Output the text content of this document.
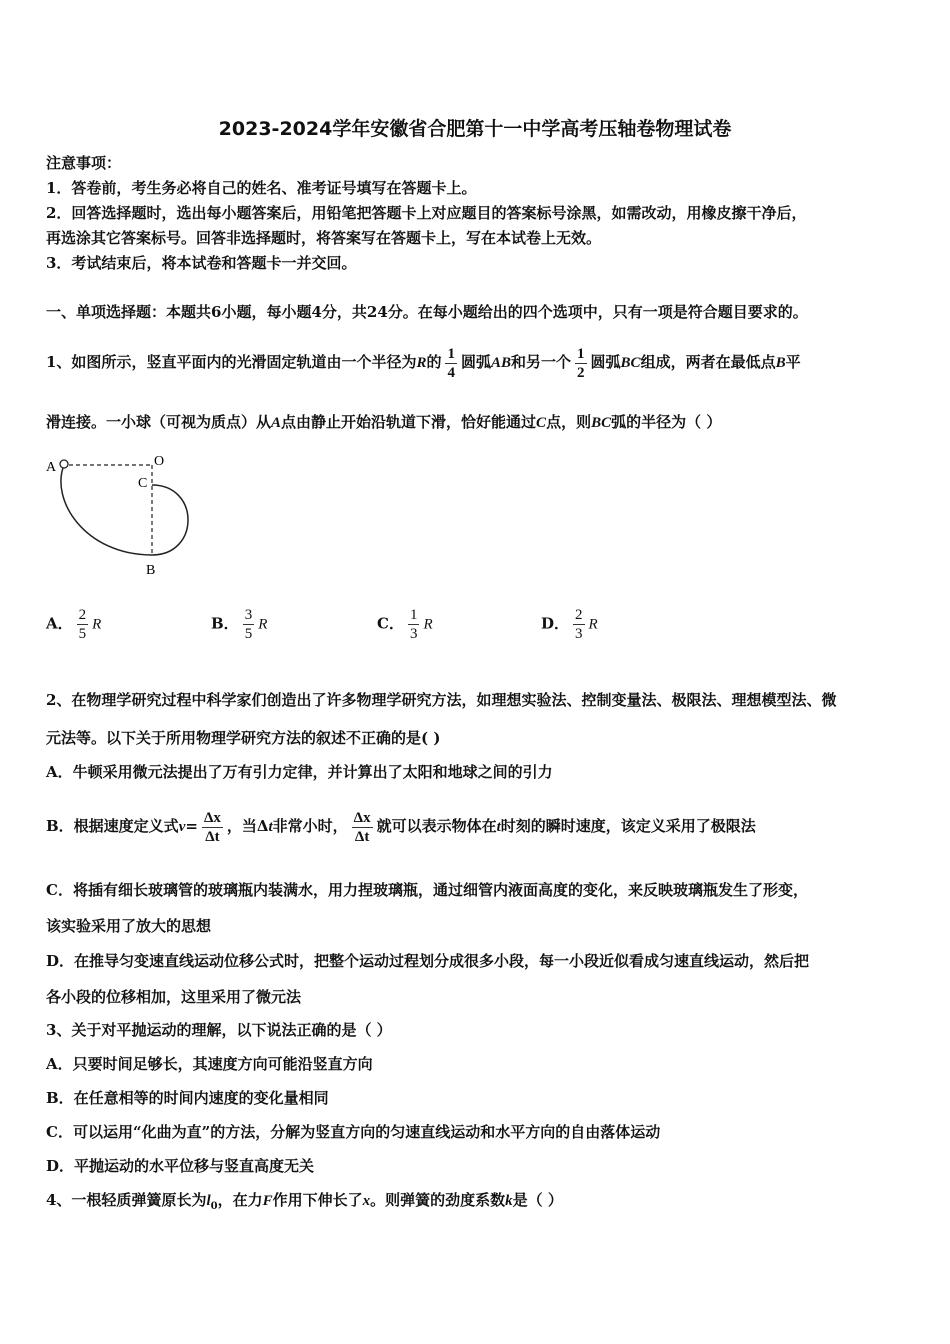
2023-2024学年安徽省合肥第十一中学高考压轴卷物理试卷
注意事项：
1．答卷前，考生务必将自己的姓名、准考证号填写在答题卡上。
2．回答选择题时，选出每小题答案后，用铅笔把答题卡上对应题目的答案标号涂黑，如需改动，用橡皮擦干净后，
再选涂其它答案标号。回答非选择题时，将答案写在答题卡上，写在本试卷上无效。
3．考试结束后，将本试卷和答题卡一并交回。
一、单项选择题：本题共6小题，每小题4分，共24分。在每小题给出的四个选项中，只有一项是符合题目要求的。
1、如图所示，竖直平面内的光滑固定轨道由一个半径为R的 $\frac{1}{4}$ 圆弧AB和另一个 $\frac{1}{2}$ 圆弧BC组成，两者在最低点B平
滑连接。一小球（可视为质点）从A点由静止开始沿轨道下滑，恰好能通过C点，则BC弧的半径为（ ）
A	O
C
B
A． $\frac{2}{5}$ R	B． $\frac{3}{5}$ R	C． $\frac{1}{3}$ R	D． $\frac{2}{3}$ R
2、在物理学研究过程中科学家们创造出了许多物理学研究方法，如理想实验法、控制变量法、极限法、理想模型法、微
元法等。以下关于所用物理学研究方法的叙述不正确的是( )
A．牛顿采用微元法提出了万有引力定律，并计算出了太阳和地球之间的引力
B．根据速度定义式$v= \frac{\Delta x}{\Delta t}$ ，当Δt非常小时， $\frac{\Delta x}{\Delta t}$ 就可以表示物体在t时刻的瞬时速度，该定义采用了极限法
C．将插有细长玻璃管的玻璃瓶内装满水，用力捏玻璃瓶，通过细管内液面高度的变化，来反映玻璃瓶发生了形变，
该实验采用了放大的思想
D．在推导匀变速直线运动位移公式时，把整个运动过程划分成很多小段，每一小段近似看成匀速直线运动，然后把
各小段的位移相加，这里采用了微元法
3、关于对平抛运动的理解，以下说法正确的是（ ）
A．只要时间足够长，其速度方向可能沿竖直方向
B．在任意相等的时间内速度的变化量相同
C．可以运用“化曲为直”的方法，分解为竖直方向的匀速直线运动和水平方向的自由落体运动
D．平抛运动的水平位移与竖直高度无关
4、一根轻质弹簧原长为$l_0$，在力F作用下伸长了x。则弹簧的劲度系数k是（ ）
